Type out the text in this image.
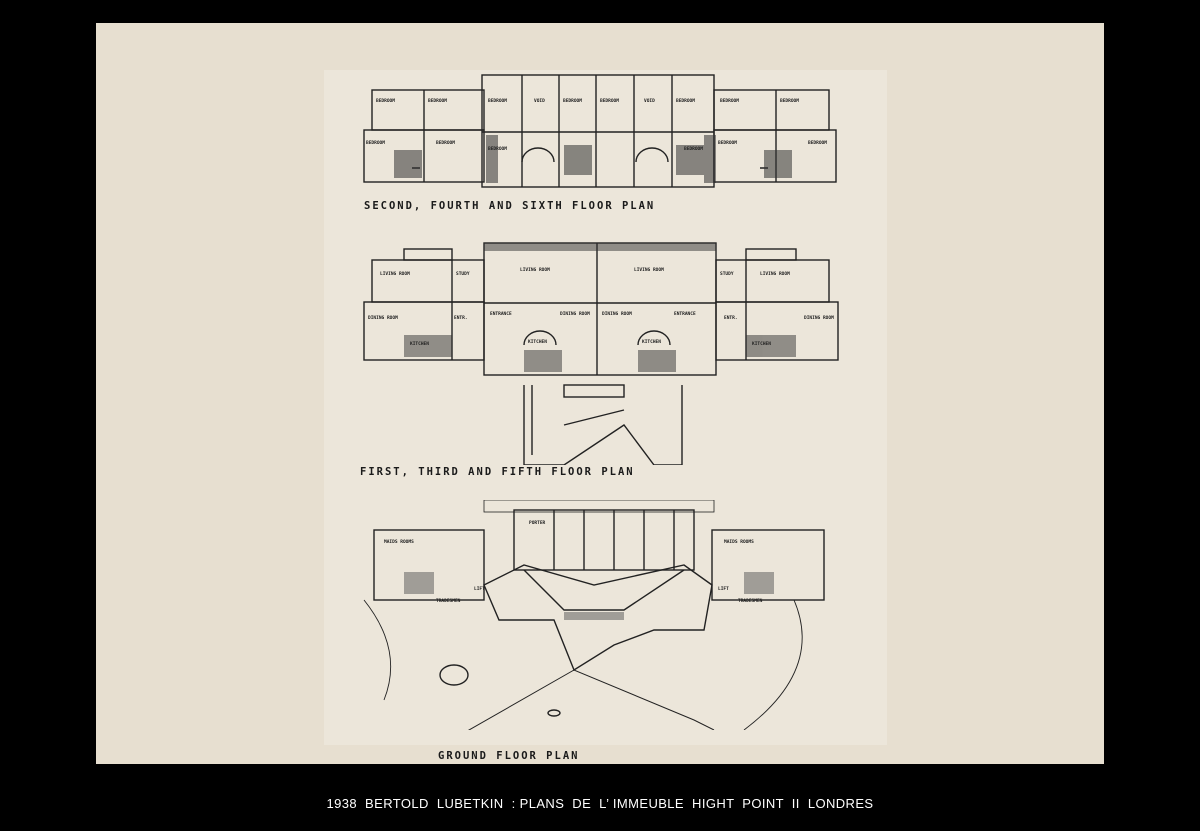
BEDROOM	BEDROOM	BEDROOM	VOID	BEDROOM	BEDROOM	VOID	BEDROOM	BEDROOM	BEDROOM
BEDROOM	BEDROOM
BEDROOM	BEDROOM
BEDROOM	BEDROOM
SECOND, FOURTH AND SIXTH FLOOR PLAN
LIVING ROOM	STUDY
LIVING ROOM	LIVING ROOM
STUDY	LIVING ROOM
DINING ROOM	ENTR.
ENTRANCE	DINING ROOM	DINING ROOM	ENTRANCE
ENTR.	DINING ROOM
KITCHEN	KITCHEN	KITCHEN	KITCHEN
FIRST, THIRD AND FIFTH FLOOR PLAN
MAIDS ROOMS	MAIDS ROOMS
PORTER
LIFT	LIFT
TRADESMEN	TRADESMEN
GROUND FLOOR PLAN
1938  BERTOLD  LUBETKIN  : PLANS  DE  L’ IMMEUBLE  HIGHT  POINT  II  LONDRES
